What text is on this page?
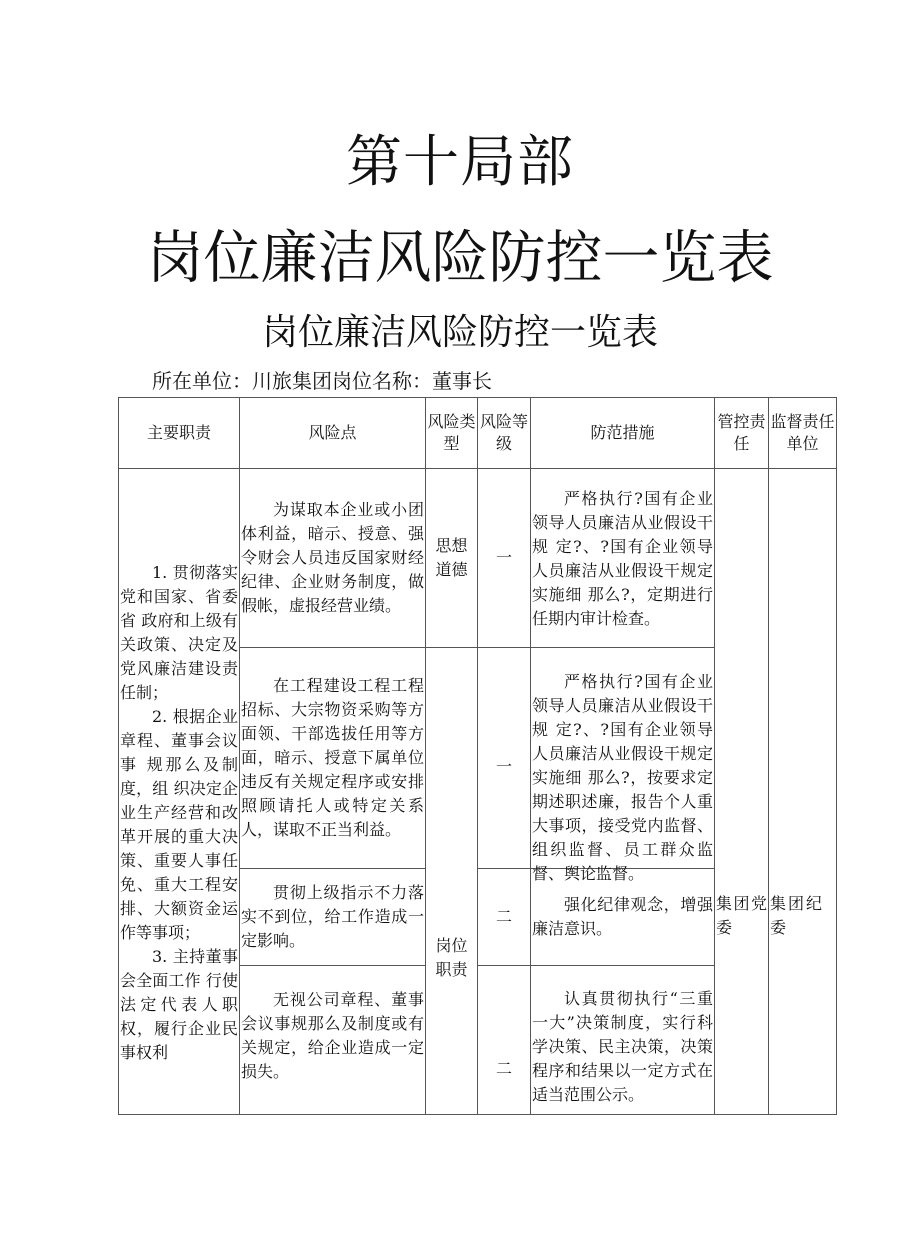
第十局部
岗位廉洁风险防控一览表
岗位廉洁风险防控一览表
所在单位：川旅集团岗位名称：董事长
主要职责	风险点	风险类型	风险等级	防范措施	管控责 任	监督责任单位

1. 贯彻落实党和国家、省委省 政府和上级有关政策、决定及党风廉洁建设责任制；
2. 根据企业 章程、董事会议事 规那么及制度，组 织决定企业生产经营和改革开展的重大决策、重要人事任免、重大工程安排、大额资金运作等事项；
3. 主持董事 会全面工作 行使 法定代表人职 权，履行企业民 事权利	为谋取本企业或小团体利益，暗示、授意、强令财会人员违反国家财经纪律、企业财务制度，做假帐，虚报经营业绩。	思想道德	一	严格执行?国有企业领导人员廉洁从业假设干规 定?、?国有企业领导人员廉洁从业假设干规定实施细 那么?，定期进行任期内审计检查。	集团党委	集团纪委

	在工程建设工程工程招标、大宗物资采购等方面领、干部选拔任用等方面，暗示、授意下属单位违反有关规定程序或安排照顾请托人或特定关系人，谋取不正当利益。	岗位职责	一	严格执行?国有企业领导人员廉洁从业假设干规 定?、?国有企业领导人员廉洁从业假设干规定实施细 那么?，按要求定期述职述廉，报告个人重大事项，接受党内监督、组织监督、员工群众监督、舆论监督。		

	贯彻上级指示不力落实不到位，给工作造成一定影响。		二	强化纪律观念，增强廉洁意识。		

	无视公司章程、董事会议事规那么及制度或有关规定，给企业造成一定损失。		二	认真贯彻执行“三重 一大”决策制度，实行科学决策、民主决策，决策程序和结果以一定方式在适当范围公示。		
